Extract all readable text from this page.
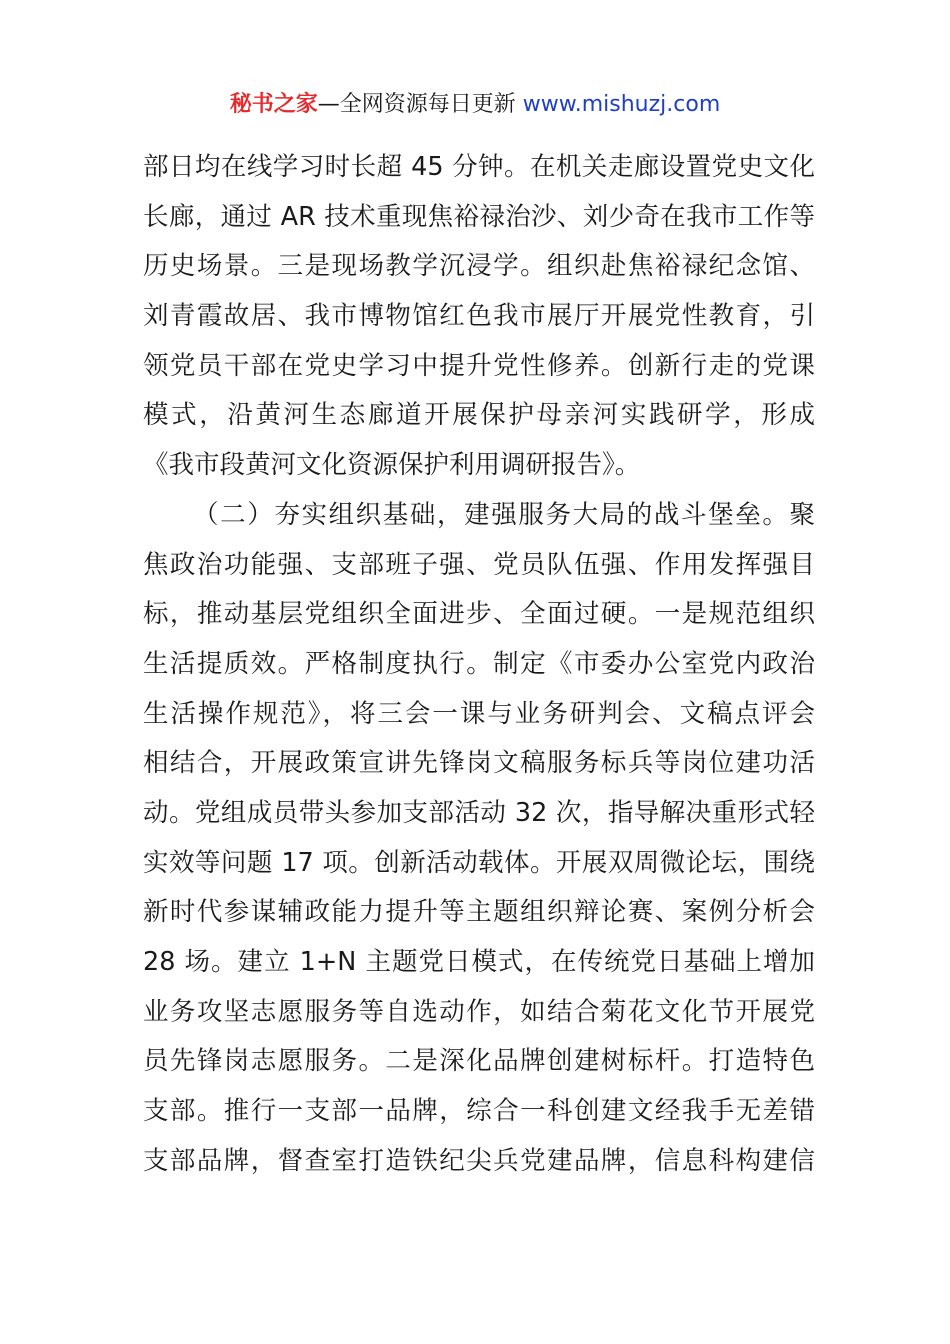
秘书之家—全网资源每日更新 www.mishuzj.com
部日均在线学习时长超 45 分钟。在机关走廊设置党史文化
长廊，通过 AR 技术重现焦裕禄治沙、刘少奇在我市工作等
历史场景。三是现场教学沉浸学。组织赴焦裕禄纪念馆、
刘青霞故居、我市博物馆红色我市展厅开展党性教育，引
领党员干部在党史学习中提升党性修养。创新行走的党课
模式，沿黄河生态廊道开展保护母亲河实践研学，形成
《我市段黄河文化资源保护利用调研报告》。
（二）夯实组织基础，建强服务大局的战斗堡垒。聚
焦政治功能强、支部班子强、党员队伍强、作用发挥强目
标，推动基层党组织全面进步、全面过硬。一是规范组织
生活提质效。严格制度执行。制定《市委办公室党内政治
生活操作规范》，将三会一课与业务研判会、文稿点评会
相结合，开展政策宣讲先锋岗文稿服务标兵等岗位建功活
动。党组成员带头参加支部活动 32 次，指导解决重形式轻
实效等问题 17 项。创新活动载体。开展双周微论坛，围绕
新时代参谋辅政能力提升等主题组织辩论赛、案例分析会
28 场。建立 1+N 主题党日模式，在传统党日基础上增加
业务攻坚志愿服务等自选动作，如结合菊花文化节开展党
员先锋岗志愿服务。二是深化品牌创建树标杆。打造特色
支部。推行一支部一品牌，综合一科创建文经我手无差错
支部品牌，督查室打造铁纪尖兵党建品牌，信息科构建信
